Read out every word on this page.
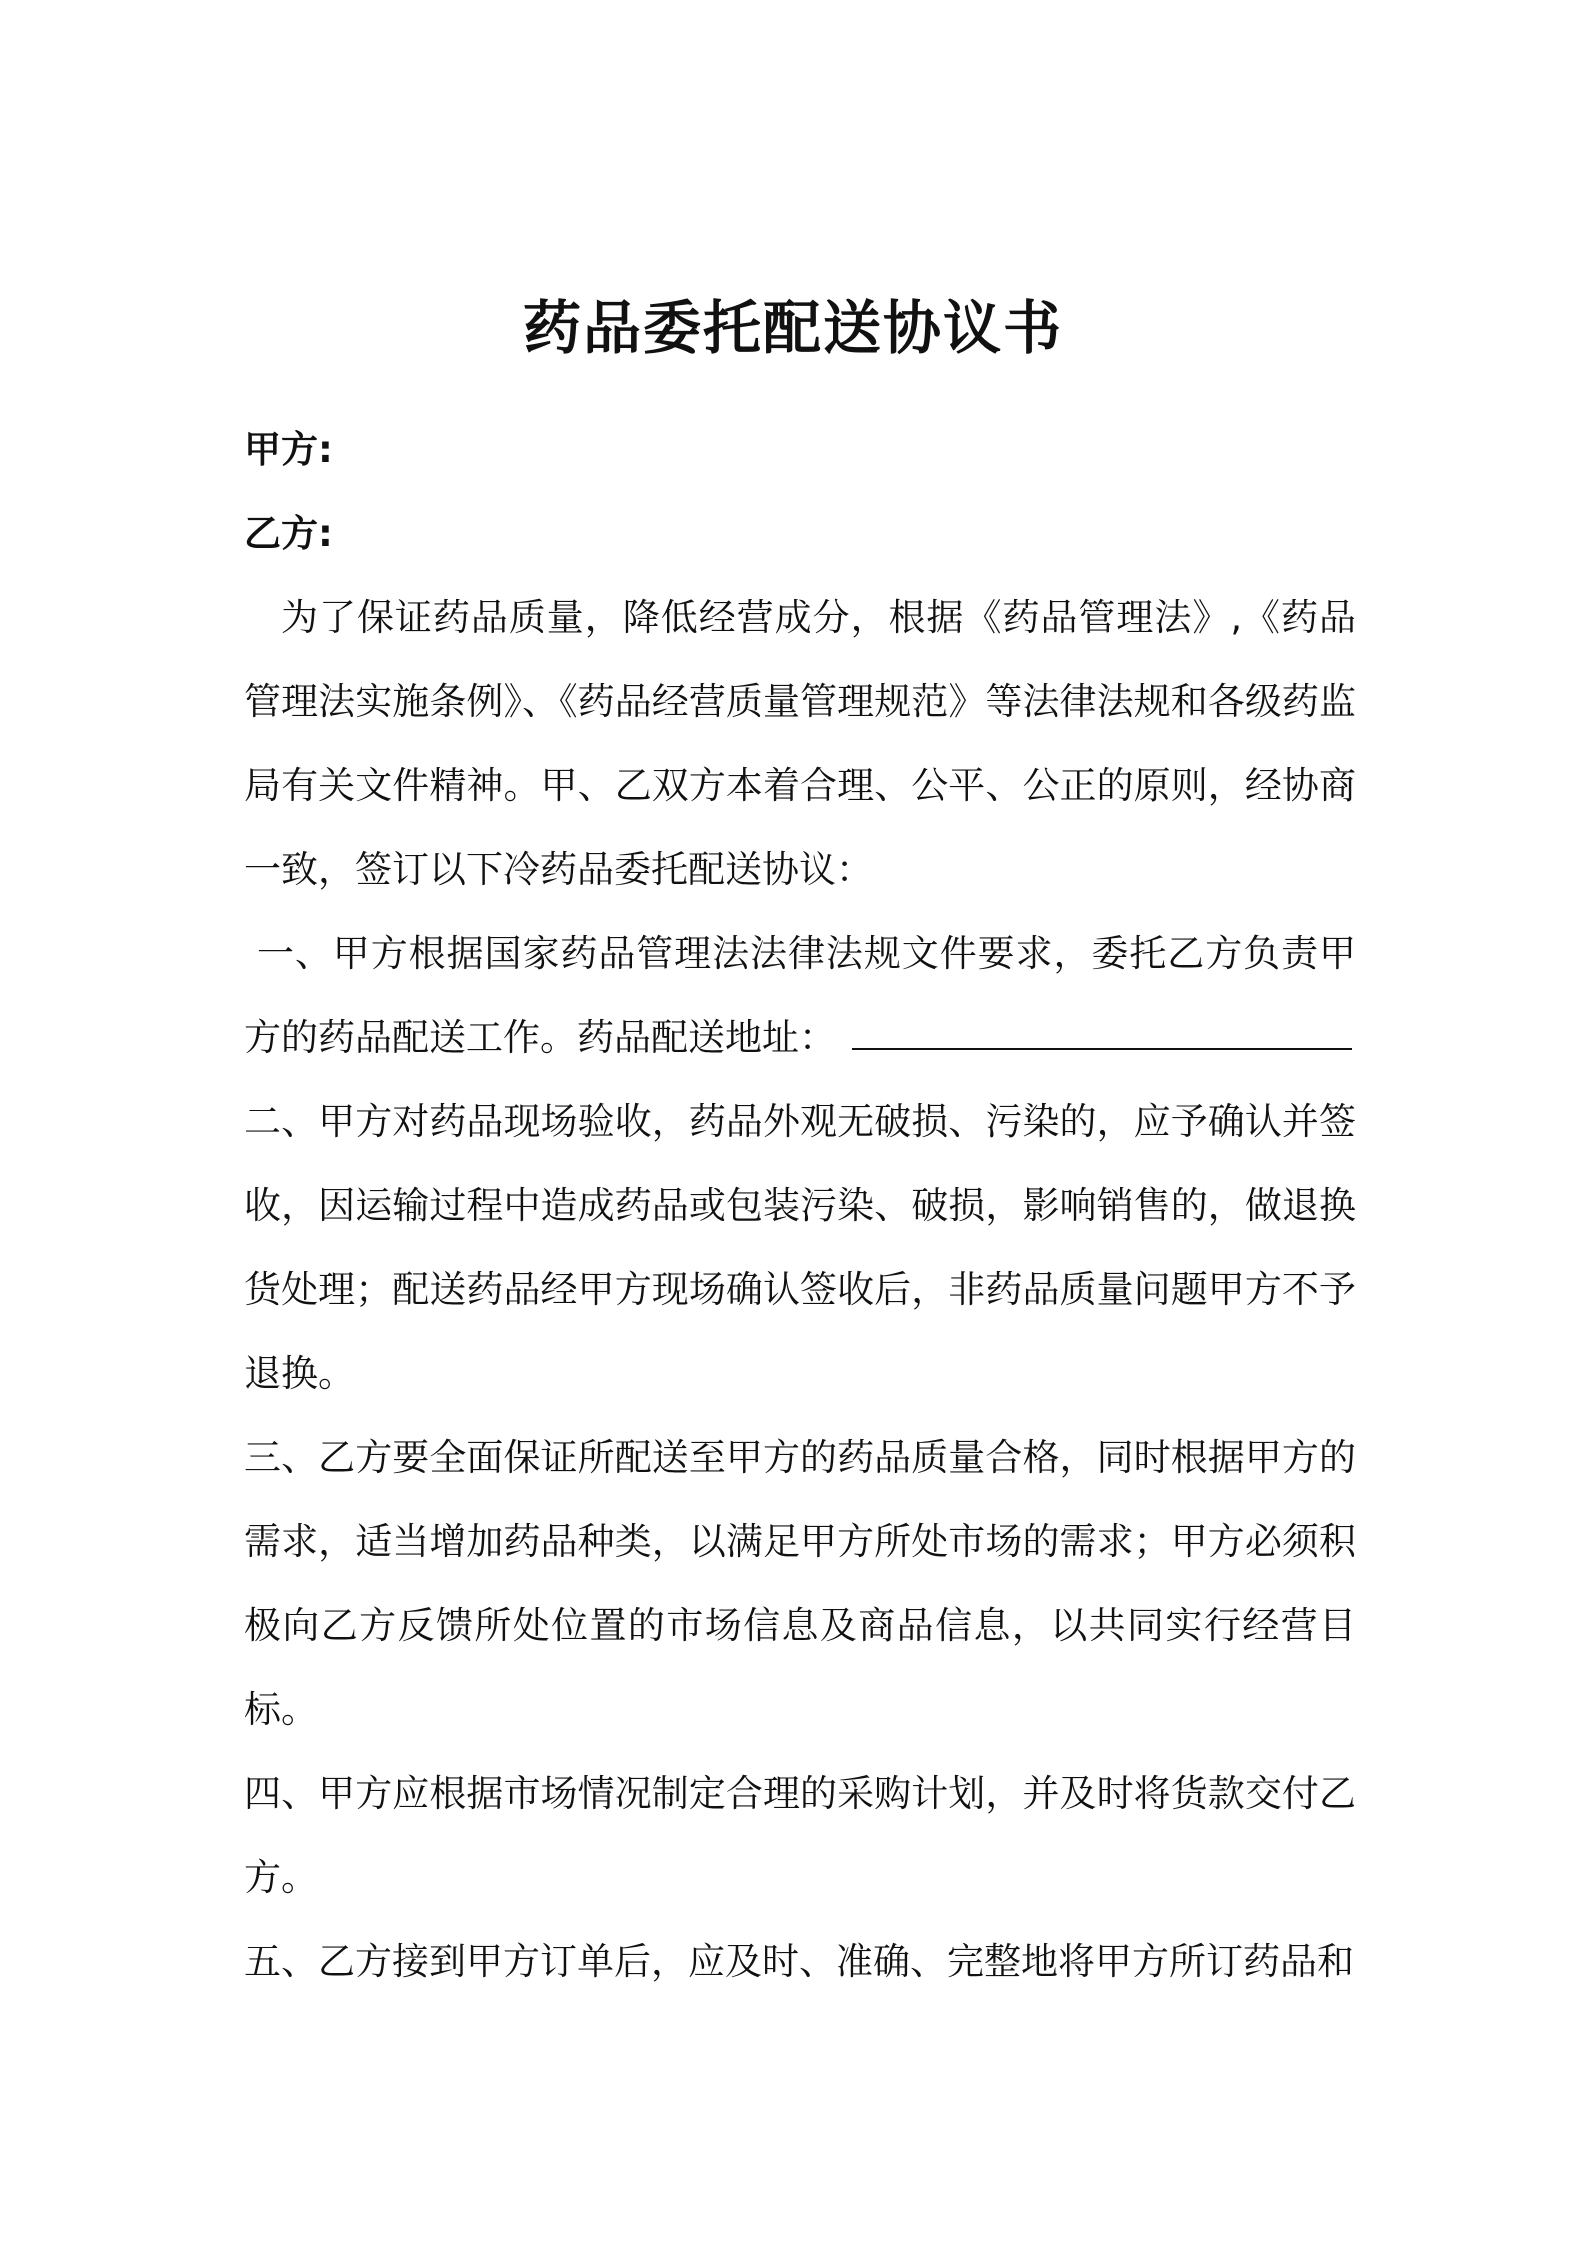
药品委托配送协议书
甲方:
乙方:

为了保证药品质量，降低经营成分，根据《药品管理法》,《药品管理法实施条例》、《药品经营质量管理规范》等法律法规和各级药监局有关文件精神。甲、乙双方本着合理、公平、公正的原则，经协商一致，签订以下冷药品委托配送协议：

一、甲方根据国家药品管理法法律法规文件要求，委托乙方负责甲方的药品配送工作。药品配送地址：

二、甲方对药品现场验收，药品外观无破损、污染的，应予确认并签收，因运输过程中造成药品或包装污染、破损，影响销售的，做退换货处理；配送药品经甲方现场确认签收后，非药品质量问题甲方不予退换。

三、乙方要全面保证所配送至甲方的药品质量合格，同时根据甲方的需求，适当增加药品种类，以满足甲方所处市场的需求；甲方必须积极向乙方反馈所处位置的市场信息及商品信息，以共同实行经营目标。

四、甲方应根据市场情况制定合理的采购计划，并及时将货款交付乙方。

五、乙方接到甲方订单后，应及时、准确、完整地将甲方所订药品和
